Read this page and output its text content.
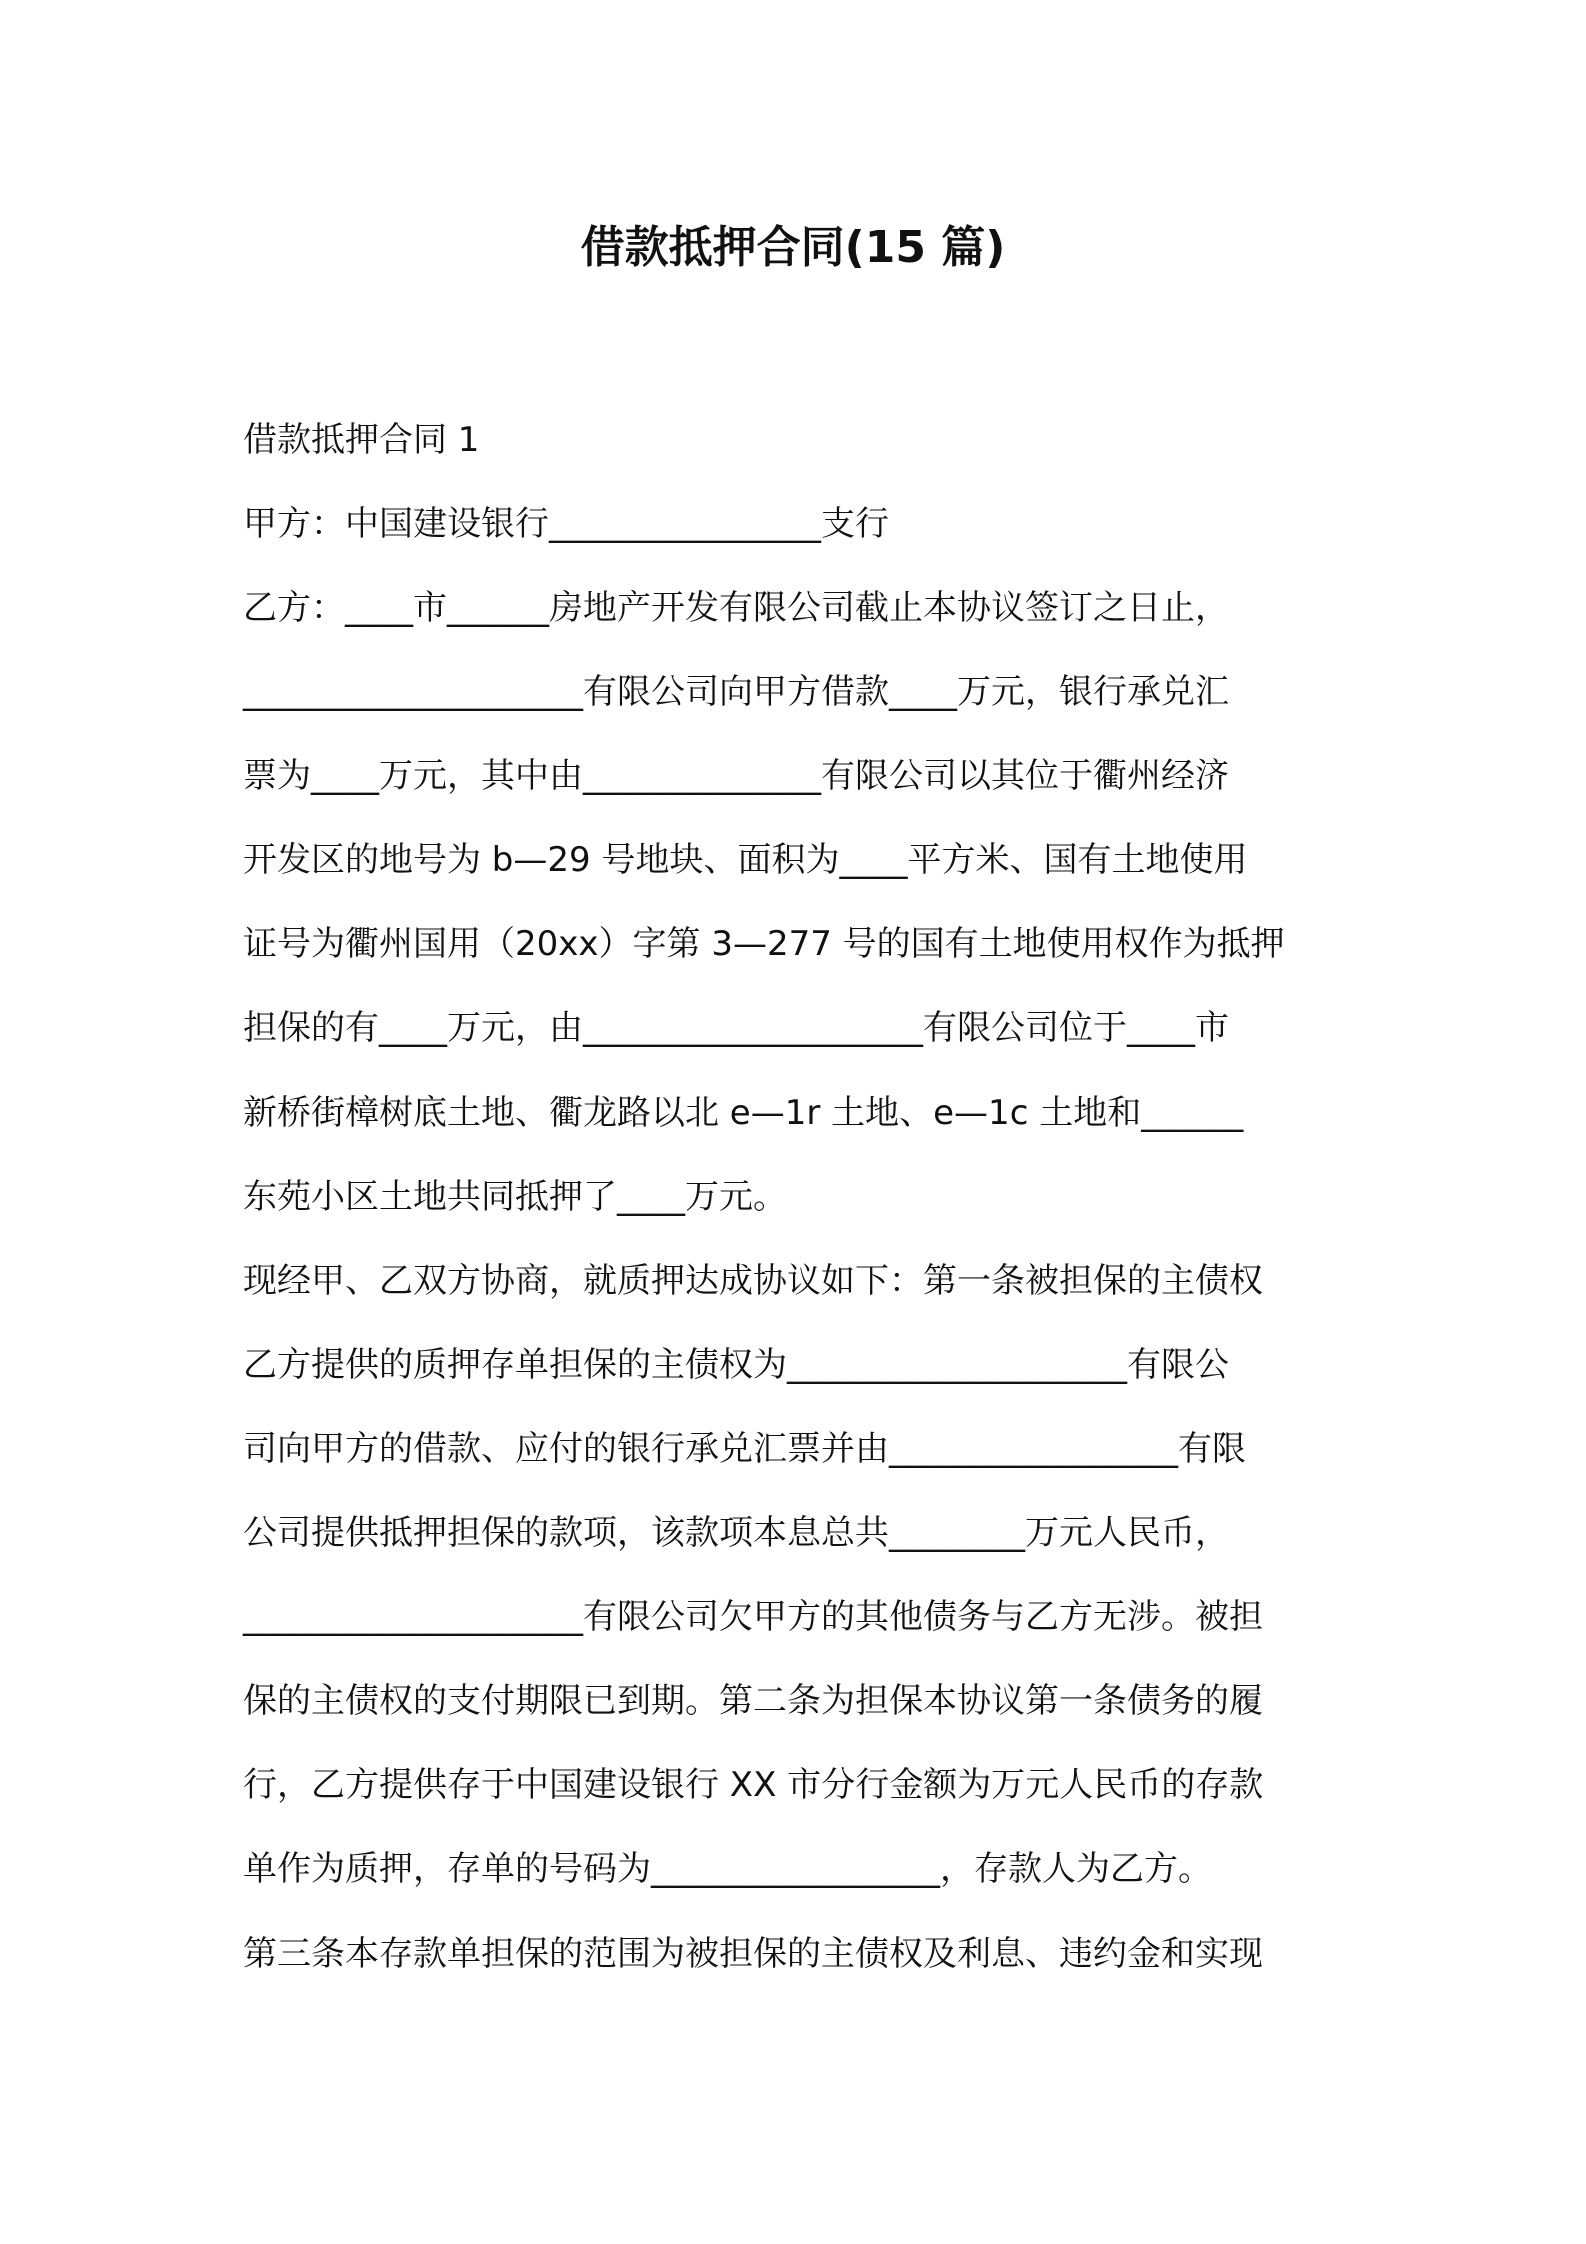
借款抵押合同(15 篇)
借款抵押合同 1
甲方：中国建设银行________________支行
乙方：____市______房地产开发有限公司截止本协议签订之日止，
____________________有限公司向甲方借款____万元，银行承兑汇
票为____万元，其中由______________有限公司以其位于衢州经济
开发区的地号为 b—29 号地块、面积为____平方米、国有土地使用
证号为衢州国用（20xx）字第 3—277 号的国有土地使用权作为抵押
担保的有____万元，由____________________有限公司位于____市
新桥街樟树底土地、衢龙路以北 e—1r 土地、e—1c 土地和______
东苑小区土地共同抵押了____万元。
现经甲、乙双方协商，就质押达成协议如下：第一条被担保的主债权
乙方提供的质押存单担保的主债权为____________________有限公
司向甲方的借款、应付的银行承兑汇票并由_________________有限
公司提供抵押担保的款项，该款项本息总共________万元人民币，
____________________有限公司欠甲方的其他债务与乙方无涉。被担
保的主债权的支付期限已到期。第二条为担保本协议第一条债务的履
行，乙方提供存于中国建设银行 XX 市分行金额为万元人民币的存款
单作为质押，存单的号码为_________________，存款人为乙方。
第三条本存款单担保的范围为被担保的主债权及利息、违约金和实现
